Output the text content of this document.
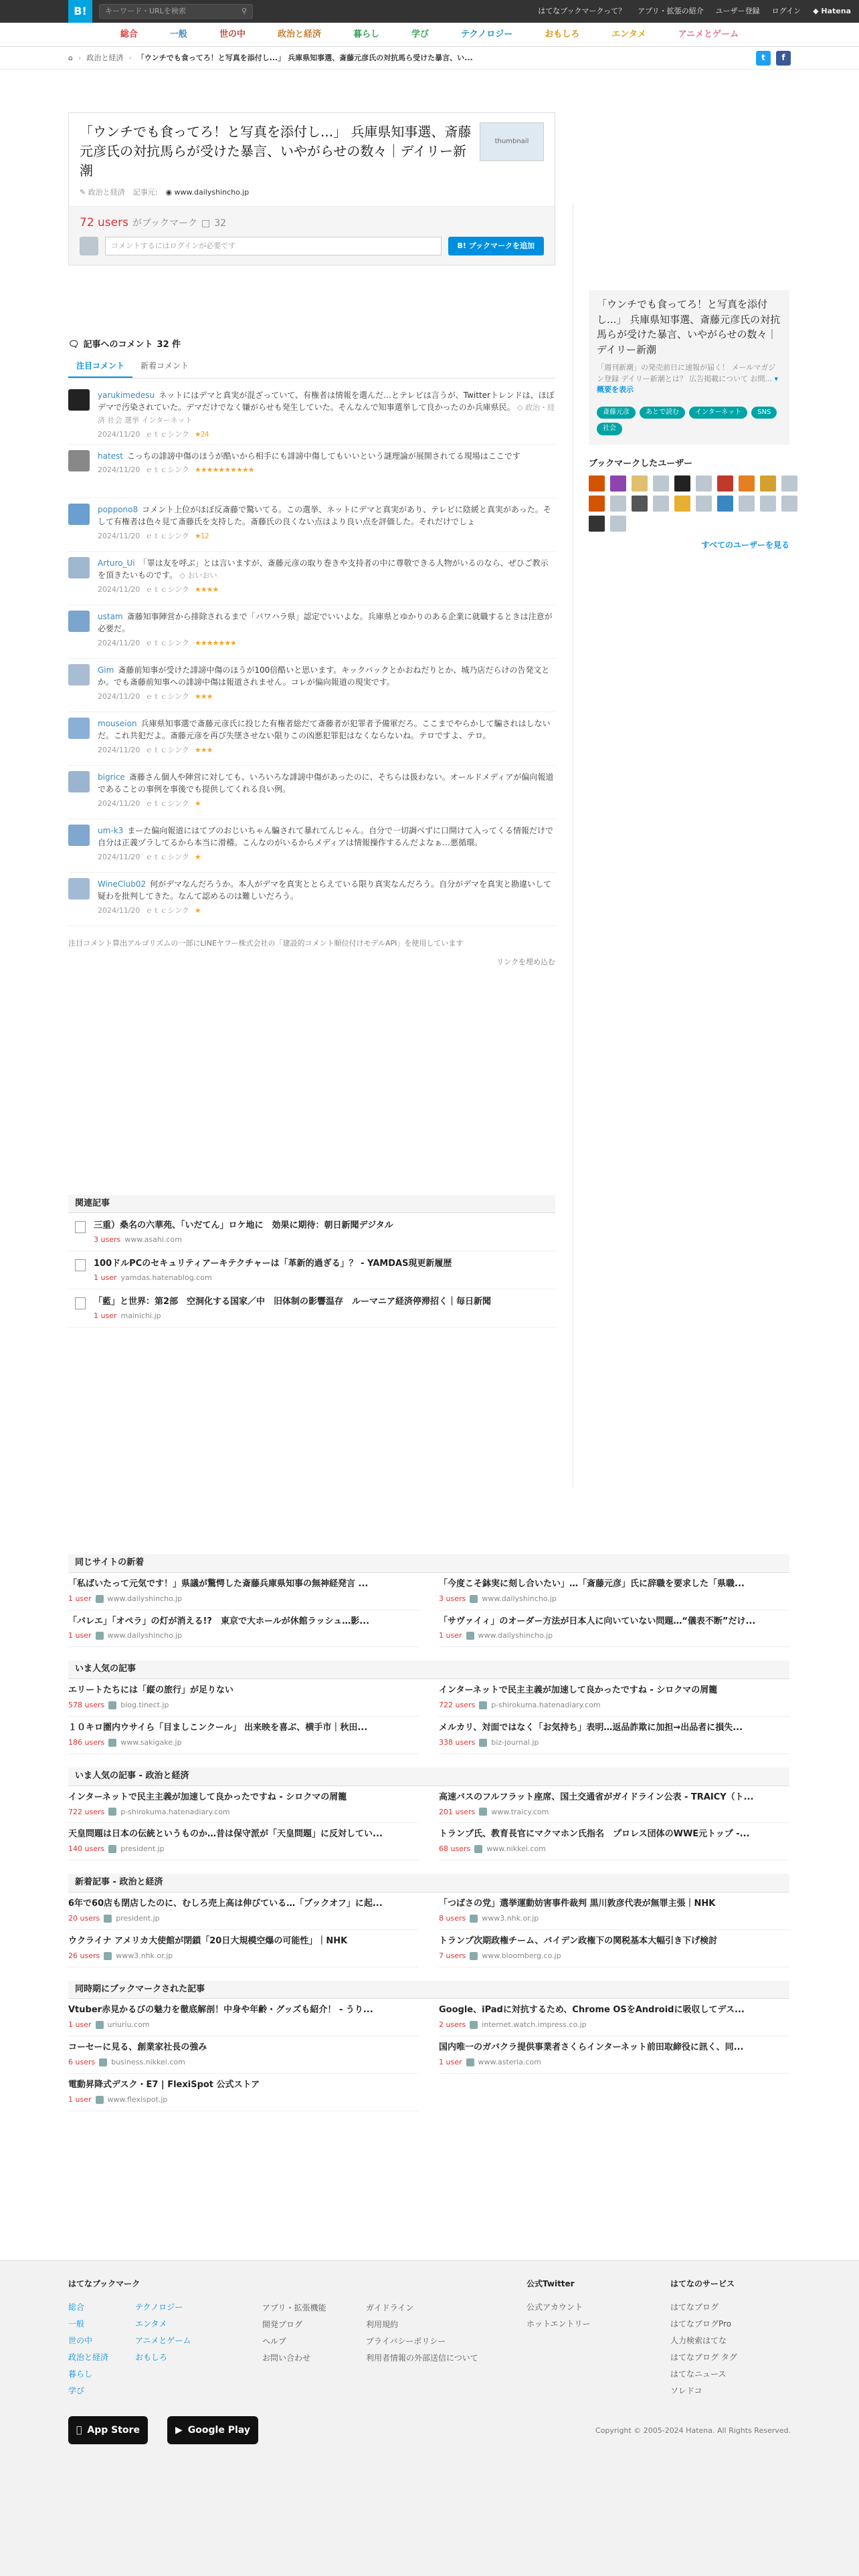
B!	キーワード・URLを検索	⚲	はてなブックマークって？ アプリ・拡張の紹介 ユーザー登録 ログイン ◆ Hatena
総合	一般	世の中	政治と経済	暮らし	学び	テクノロジー	おもしろ	エンタメ	アニメとゲーム
⌂ › 政治と経済 › 「ウンチでも食ってろ！と写真を添付し...」 兵庫県知事選、斎藤元彦氏の対抗馬ら受けた暴言、い...	t	f
「ウンチでも食ってろ！と写真を添付し...」 兵庫県知事選、斎藤元彦氏の対抗馬らが受けた暴言、いやがらせの数々｜デイリー新潮
thumbnail
✎ 政治と経済 記事元: ◉ www.dailyshincho.jp
72 users がブックマーク □ 32
コメントするにはログインが必要です	B! ブックマークを追加
🗨 記事へのコメント 32 件
注目コメント	新着コメント
yarukimedesu ネットにはデマと真実が混ざっていて、有権者は情報を選んだ…とテレビは言うが、Twitterトレンドは、ほぼデマで汚染されていた。デマだけでなく嫌がらせも発生していた。そんなんで知事選挙して良かったのか兵庫県民。 ◇ 政治・経済 社会 選挙 インターネット
2024/11/20 ｅｔｃシンク ★24
hatest こっちの誹謗中傷のほうが酷いから相手にも誹謗中傷してもいいという謎理論が展開されてる現場はここです
2024/11/20 ｅｔｃシンク ★★★★★★★★★★
poppono8 コメント上位がほぼ反斎藤で驚いてる。この選挙、ネットにデマと真実があり、テレビに陰緩と真実があった。そして有権者は色々見て斎藤氏を支持した。斎藤氏の良くない点はより良い点を評価した。それだけでしょ
2024/11/20 ｅｔｃシンク ★12
Arturo_Ui 「罪は友を呼ぶ」とは言いますが、斎藤元彦の取り巻きや支持者の中に尊敬できる人物がいるのなら、ぜひご教示を頂きたいものです。 ◇ おいおい
2024/11/20 ｅｔｃシンク ★★★★
ustam 斎藤知事陣営から排除されるまで「パワハラ県」認定でいいよな。兵庫県とゆかりのある企業に就職するときは注意が必要だ。
2024/11/20 ｅｔｃシンク ★★★★★★★
Gim 斎藤前知事が受けた誹謗中傷のほうが100倍酷いと思います。キックバックとかおねだりとか、城乃店だらけの告発文とか。でも斎藤前知事への誹謗中傷は報道されません。コレが偏向報道の現実です。
2024/11/20 ｅｔｃシンク ★★★
mouseion 兵庫県知事選で斎藤元彦氏に投じた有権者総だて斎藤者が犯罪者予備軍だろ。ここまでやらかして騙されはしないだ。これ共犯だよ。斎藤元彦を再び失墜させない限りこの凶悪犯罪犯はなくならないね。テロですよ、テロ。
2024/11/20 ｅｔｃシンク ★★★
bigrice 斎藤さん個人や陣営に対しても、いろいろな誹謗中傷があったのに、そちらは扱わない。オールドメディアが偏向報道であることの事例を事後でも提供してくれる良い例。
2024/11/20 ｅｔｃシンク ★
um-k3 まーた偏向報道にはてブのおじいちゃん騙されて暴れてんじゃん。自分で一切調べずに口開けて入ってくる情報だけで自分は正義ヅラしてるから本当に滑稽。こんなのがいるからメディアは情報操作するんだよなぁ…悪循環。
2024/11/20 ｅｔｃシンク ★
WineClub02 何がデマなんだろうか。本人がデマを真実ととらえている限り真実なんだろう。自分がデマを真実と勘違いして疑わを批判してきた。なんて認めるのは難しいだろう。
2024/11/20 ｅｔｃシンク ★
注目コメント算出アルゴリズムの一部にLINEヤフー株式会社の「建設的コメント順位付けモデルAPI」を使用しています
リンクを埋め込む
関連記事
三重）桑名の六華苑、「いだてん」ロケ地に　効果に期待：朝日新聞デジタル
3 users www.asahi.com
100ドルPCのセキュリティアーキテクチャーは「革新的過ぎる」？ - YAMDAS現更新履歴
1 user yamdas.hatenablog.com
「藍」と世界：第2部　空洞化する国家／中　旧体制の影響温存　ルーマニア経済停滞招く｜毎日新聞
1 user mainichi.jp
「ウンチでも食ってろ！と写真を添付し...」 兵庫県知事選、斎藤元彦氏の対抗馬らが受けた暴言、いやがらせの数々｜デイリー新潮
「週刊新潮」の発売前日に速報が届く！ メールマガジン登録 デイリー新潮とは？ 広告掲載について お問... ▾ 概要を表示
斎藤元彦	あとで読む	インターネット	SNS
社会
ブックマークしたユーザー
すべてのユーザーを見る
同じサイトの新着
「私ばいたって元気です！」県議が驚愕した斎藤兵庫県知事の無神経発言 ...
1 user www.dailyshincho.jp
「今度こそ鉢実に刻し合いたい」…「斎藤元彦」氏に辞職を要求した「県職...
3 users www.dailyshincho.jp
「バレエ」「オペラ」の灯が消える!?　東京で大ホールが休館ラッシュ…影...
1 user www.dailyshincho.jp
「サヴァイィ」のオーダー方法が日本人に向いていない問題…“儀表不断”だけ...
1 user www.dailyshincho.jp
いま人気の記事
エリートたちには「縦の旅行」が足りない
578 users blog.tinect.jp
インターネットで民主主義が加速して良かったですね - シロクマの屑籠
722 users p-shirokuma.hatenadiary.com
１０キロ圏内ウサイら「目ましこンクール」 出来映を喜ぶ、横手市｜秋田...
186 users www.sakigake.jp
メルカリ、対面ではなく「お気持ち」表明…返品詐欺に加担→出品者に損失...
338 users biz-journal.jp
いま人気の記事 - 政治と経済
インターネットで民主主義が加速して良かったですね - シロクマの屑籠
722 users p-shirokuma.hatenadiary.com
高速バスのフルフラット座席、国土交通省がガイドライン公表 - TRAICY（ト...
201 users www.traicy.com
天皇問題は日本の伝統というものか…昔は保守派が「天皇問題」に反対してい...
140 users president.jp
トランプ氏、教育長官にマクマホン氏指名　プロレス団体のWWE元トップ -...
68 users www.nikkei.com
新着記事 - 政治と経済
6年で60店も閉店したのに、むしろ売上高は伸びている…「ブックオフ」に起...
20 users president.jp
「つばさの党」選挙運動妨害事件裁判 黒川敦彦代表が無罪主張｜NHK
8 users www3.nhk.or.jp
ウクライナ アメリカ大使館が閉鎖「20日大規模空爆の可能性」｜NHK
26 users www3.nhk.or.jp
トランプ次期政権チーム、バイデン政権下の関税基本大幅引き下げ検討
7 users www.bloomberg.co.jp
同時期にブックマークされた記事
Vtuber赤見かるびの魅力を徹底解剖！中身や年齢・グッズも紹介！ - うり...
1 user uriuriu.com
Google、iPadに対抗するため、Chrome OSをAndroidに吸収してデス...
2 users internet.watch.impress.co.jp
コーセーに見る、創業家社長の強み
6 users business.nikkei.com
国内唯一のガバクラ提供事業者さくらインターネット前田取締役に訊く、同...
1 user www.asteria.com
電動昇降式デスク・E7 | FlexiSpot 公式ストア
1 user www.flexispot.jp
はてなブックマーク
総合
一般
世の中
政治と経済
暮らし
学び
テクノロジー
エンタメ
アニメとゲーム
おもしろ
アプリ・拡張機能
開発ブログ
ヘルプ
お問い合わせ
ガイドライン
利用規約
プライバシーポリシー
利用者情報の外部送信について
公式Twitter
公式アカウント
ホットエントリー
はてなのサービス
はてなブログ
はてなブログPro
人力検索はてな
はてなブログ タグ
はてなニュース
ソレドコ
App Store	▶ Google Play	Copyright © 2005-2024 Hatena. All Rights Reserved.
